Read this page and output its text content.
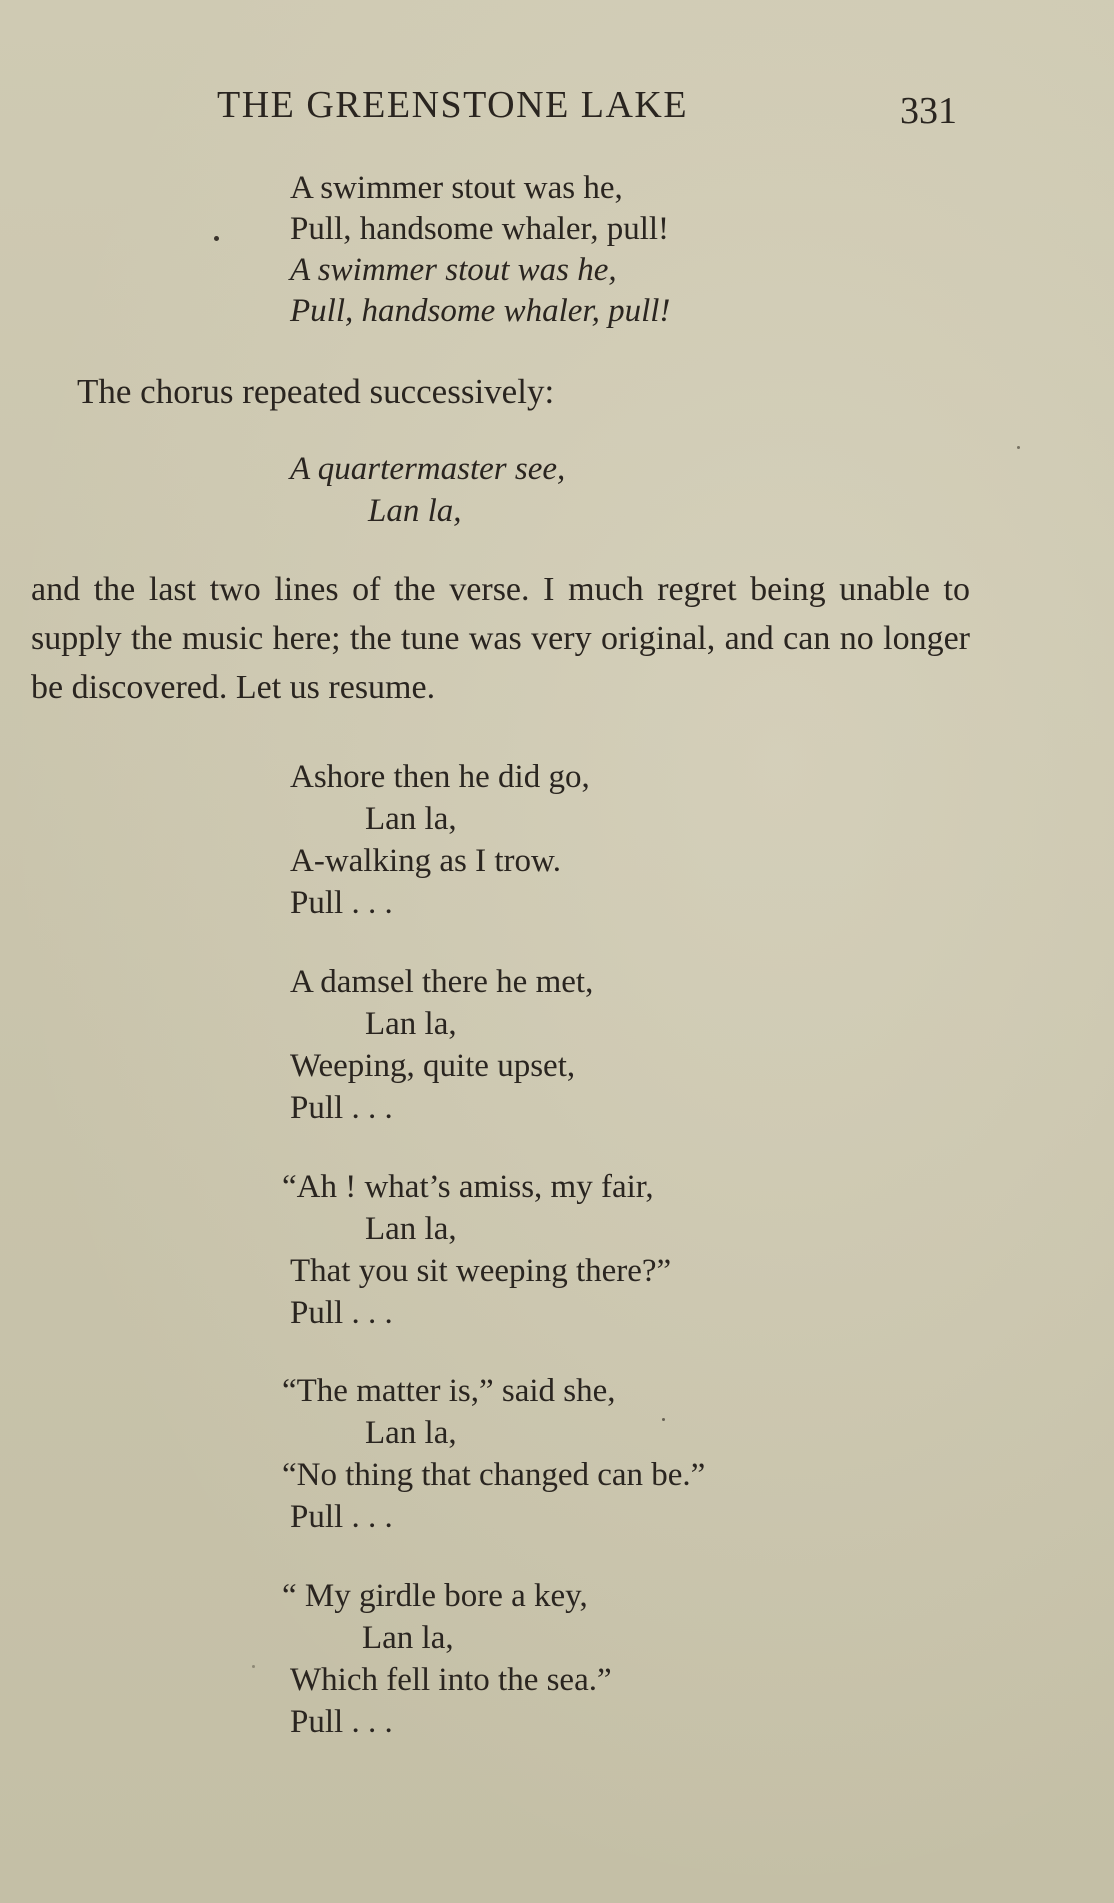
THE GREENSTONE LAKE	331
A swimmer stout was he,
Pull, handsome whaler, pull!
A swimmer stout was he,
Pull, handsome whaler, pull!
The chorus repeated successively:
A quartermaster see,
Lan la,

and the last two lines of the verse. I much regret being unable to supply the music here; the tune was very original, and can no longer be discovered. Let us resume.

Ashore then he did go,
Lan la,
A-walking as I trow.
Pull . . .
A damsel there he met,
Lan la,
Weeping, quite upset,
Pull . . .
“Ah ! what’s amiss, my fair,
Lan la,
That you sit weeping there?”
Pull . . .
“The matter is,” said she,
Lan la,
“No thing that changed can be.”
Pull . . .
“ My girdle bore a key,
Lan la,
Which fell into the sea.”
Pull . . .
